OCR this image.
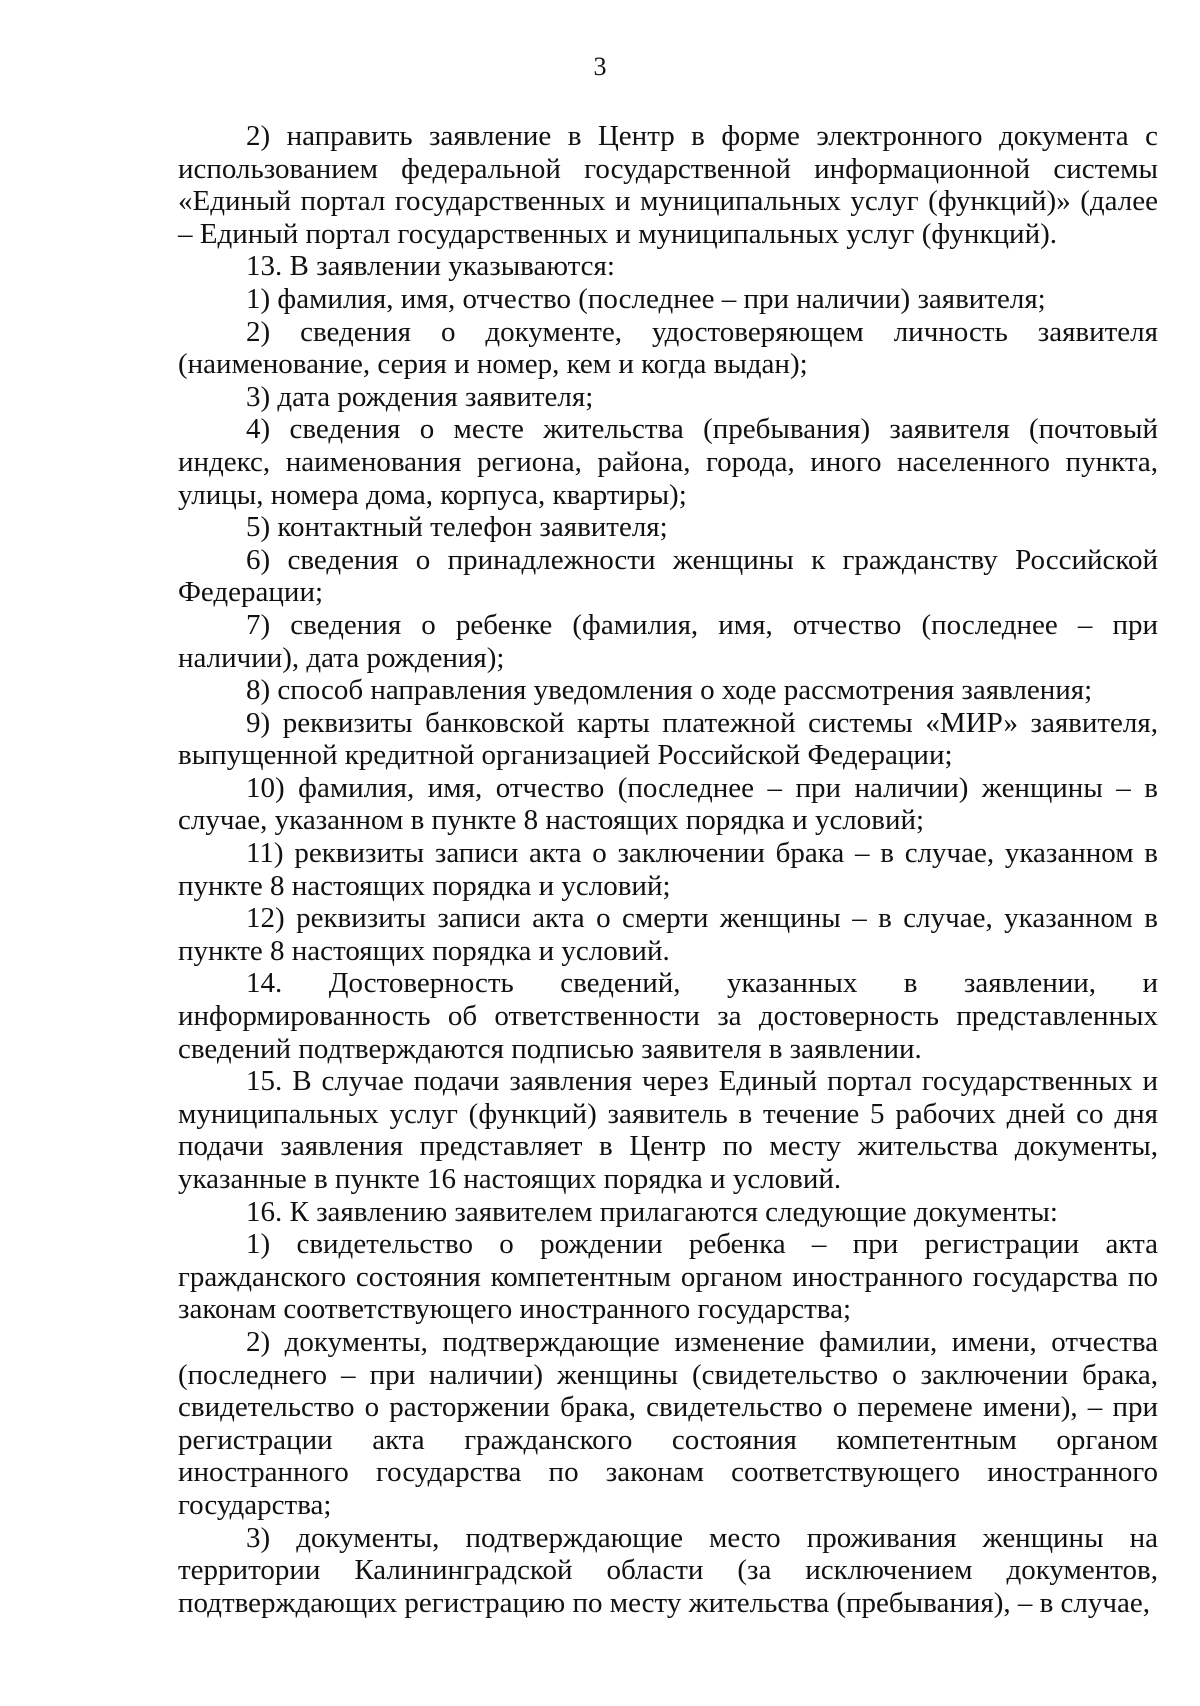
3

2) направить заявление в Центр в форме электронного документа с использованием федеральной государственной информационной системы «Единый портал государственных и муниципальных услуг (функций)» (далее – Единый портал государственных и муниципальных услуг (функций).

13. В заявлении указываются:

1) фамилия, имя, отчество (последнее – при наличии) заявителя;

2) сведения о документе, удостоверяющем личность заявителя (наименование, серия и номер, кем и когда выдан);

3) дата рождения заявителя;

4) сведения о месте жительства (пребывания) заявителя (почтовый индекс, наименования региона, района, города, иного населенного пункта, улицы, номера дома, корпуса, квартиры);

5) контактный телефон заявителя;

6) сведения о принадлежности женщины к гражданству Российской Федерации;

7) сведения о ребенке (фамилия, имя, отчество (последнее – при наличии), дата рождения);

8) способ направления уведомления о ходе рассмотрения заявления;

9) реквизиты банковской карты платежной системы «МИР» заявителя, выпущенной кредитной организацией Российской Федерации;

10) фамилия, имя, отчество (последнее – при наличии) женщины – в случае, указанном в пункте 8 настоящих порядка и условий;

11) реквизиты записи акта о заключении брака – в случае, указанном в пункте 8 настоящих порядка и условий;

12) реквизиты записи акта о смерти женщины – в случае, указанном в пункте 8 настоящих порядка и условий.

14. Достоверность сведений, указанных в заявлении, и информированность об ответственности за достоверность представленных сведений подтверждаются подписью заявителя в заявлении.

15. В случае подачи заявления через Единый портал государственных и муниципальных услуг (функций) заявитель в течение 5 рабочих дней со дня подачи заявления представляет в Центр по месту жительства документы, указанные в пункте 16 настоящих порядка и условий.

16. К заявлению заявителем прилагаются следующие документы:

1) свидетельство о рождении ребенка – при регистрации акта гражданского состояния компетентным органом иностранного государства по законам соответствующего иностранного государства;

2) документы, подтверждающие изменение фамилии, имени, отчества (последнего – при наличии) женщины (свидетельство о заключении брака, свидетельство о расторжении брака, свидетельство о перемене имени), – при регистрации акта гражданского состояния компетентным органом иностранного государства по законам соответствующего иностранного государства;

3) документы, подтверждающие место проживания женщины на территории Калининградской области (за исключением документов, подтверждающих регистрацию по месту жительства (пребывания), – в случае,
